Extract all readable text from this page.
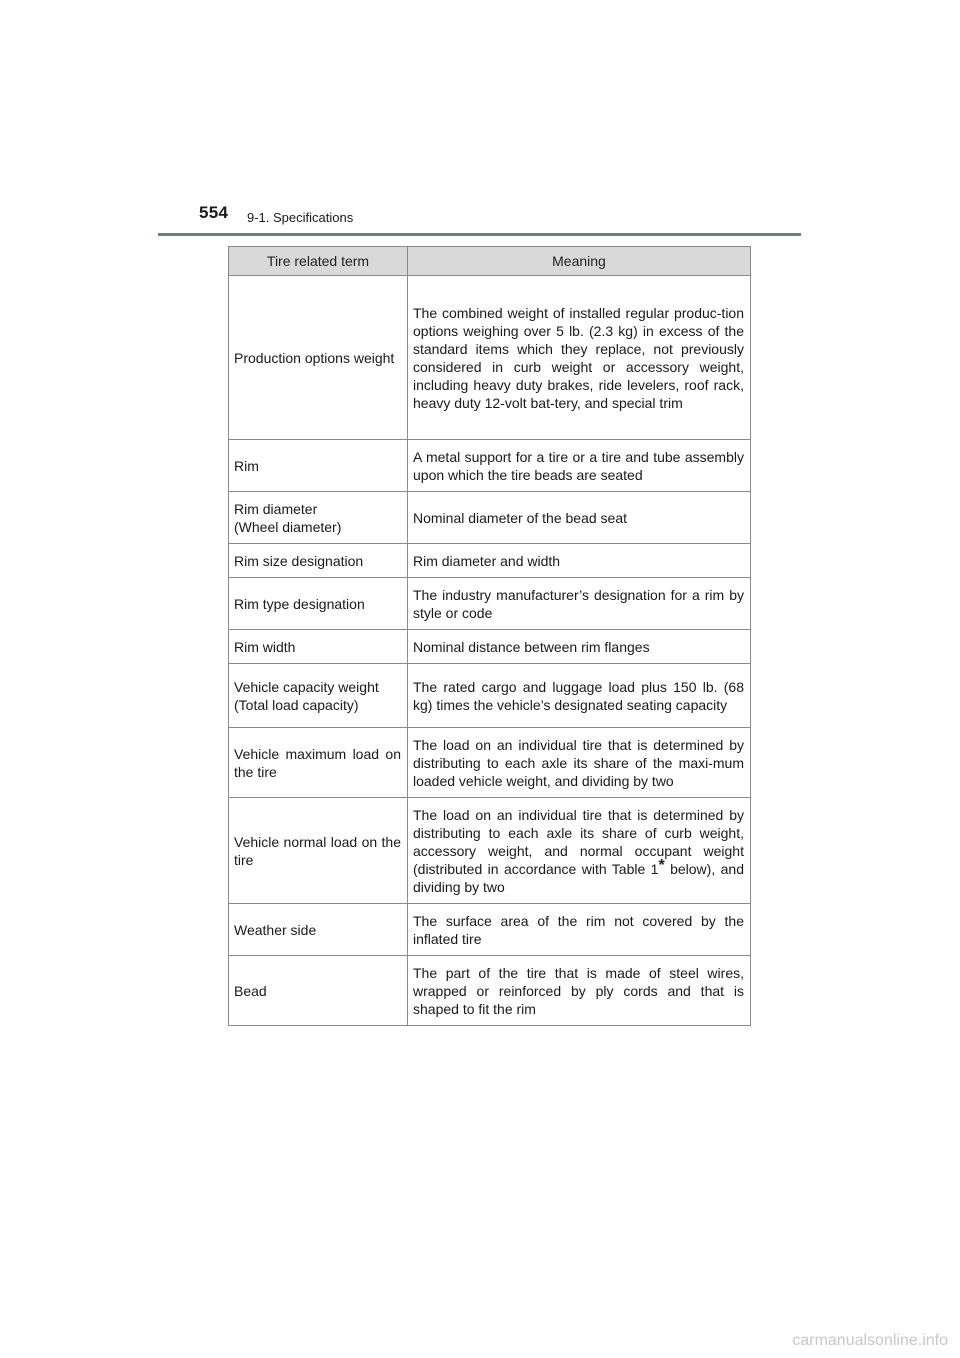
554 9-1. Specifications
Tire related term	Meaning
Production options weight	The combined weight of installed regular produc-tion options weighing over 5 lb. (2.3 kg) in excess of the standard items which they replace, not previously considered in curb weight or accessory weight, including heavy duty brakes, ride levelers, roof rack, heavy duty 12-volt bat-tery, and special trim
Rim	A metal support for a tire or a tire and tube assembly upon which the tire beads are seated
Rim diameter
(Wheel diameter)	Nominal diameter of the bead seat
Rim size designation	Rim diameter and width
Rim type designation	The industry manufacturer’s designation for a rim by style or code
Rim width	Nominal distance between rim flanges
Vehicle capacity weight
(Total load capacity)	The rated cargo and luggage load plus 150 lb. (68 kg) times the vehicle’s designated seating capacity
Vehicle maximum load on the tire	The load on an individual tire that is determined by distributing to each axle its share of the maxi-mum loaded vehicle weight, and dividing by two
Vehicle normal load on the tire	The load on an individual tire that is determined by distributing to each axle its share of curb weight, accessory weight, and normal occupant weight (distributed in accordance with Table 1* below), and dividing by two
Weather side	The surface area of the rim not covered by the inflated tire
Bead	The part of the tire that is made of steel wires, wrapped or reinforced by ply cords and that is shaped to fit the rim
carmanualsonline.info
